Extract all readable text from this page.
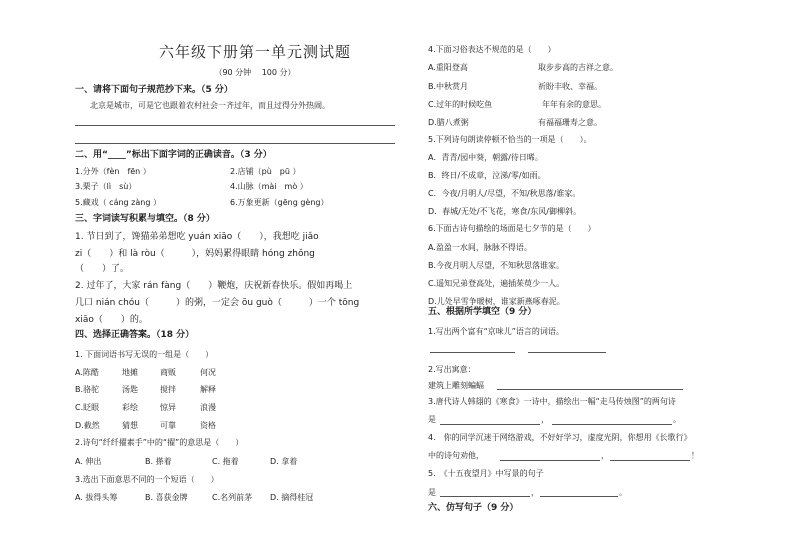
六年级下册第一单元测试题
（90 分钟　 100 分）
一、请将下面句子规范抄下来。（5 分）
北京是城市，可是它也跟着农村社会一齐过年，而且过得分外热闹。
二、用“____”标出下面字词的正确读音。（3 分）
1.分外（fèn　fēn ）	2.店铺（pù　pū ）
3.栗子（lì　sù）	4.山脉（mài　mò ）
5.藏戏（ cáng zàng ）	6.万象更新（gēng gèng）
三、字词读写积累与填空。（8 分）
1. 节日到了，馋猫弟弟想吃 yuán xiāo（　　），我想吃 jiǎo
zi（　　）和 là ròu（　　　），妈妈累得眼睛 hóng zhǒng
（　　）了。
2. 过年了，大家 rán fàng（　　）鞭炮，庆祝新春快乐。假如再喝上
几口 nián chóu（　　　）的粥，一定会 ōu guò（　　　）一个 tōng
xiāo（　　）的。
四、选择正确答案。（18 分）
1. 下面词语书写无误的一组是（　　）
A.陈酷	地摊	商贩	何况
B.骆驼	汤匙	搅拌	解释
C.眨眼	彩绘	惊异	浪漫
D.截然	猜想	可靠	资格
2.诗句“纤纤擢素手”中的“擢”的意思是（　　）
A. 伸出	B. 搽着	C. 拖着	D. 拿着
3.选出下面意思不同的一个短语（　　）
A. 拔得头筹	B. 喜获金牌	C.名列前茅 D. 摘得桂冠
4.下面习俗表达不规范的是（　　）
A.重阳登高	取步步高的吉祥之意。
B.中秋赏月	祈盼丰收、幸福。
C.过年的时候吃鱼	年年有余的意思。
D.腊八煮粥	有福福珊寿之意。
5.下列诗句朗读停顿不恰当的一项是（　　）。
A．青青/园中葵，朝露/待日晞。
B．终日/不成章，泣涕/零/如雨。
C．今夜/月明人/尽望，不知/秋思落/谁家。
D．春城/无处/不飞花，寒食/东风/御柳斜。
6.下面古诗句描绘的场面是七夕节的是（　　）
A.盈盈一水间，脉脉不得语。
B.今夜月明人尽望，不知秋思落谁家。
C.遥知兄弟登高处，遍插茱萸少一人。
D.儿处早雪争暖树，谁家新燕啄春泥。
五、根据所学填空（9 分）
1.写出两个富有“京味儿”语言的词语。
2.写出寓意：
建筑上雕刻蝙蝠
3.唐代诗人韩翃的《寒食》一诗中，描绘出一幅“走马传烛图”的两句诗
是	，	。
4.　你的同学沉迷于网络游戏，不好好学习，虚度光阴，你想用《长歌行》
中的诗句劝他，	，	！
5.　《十五夜望月》中写景的句子
是	，	。
六、仿写句子（9 分）
